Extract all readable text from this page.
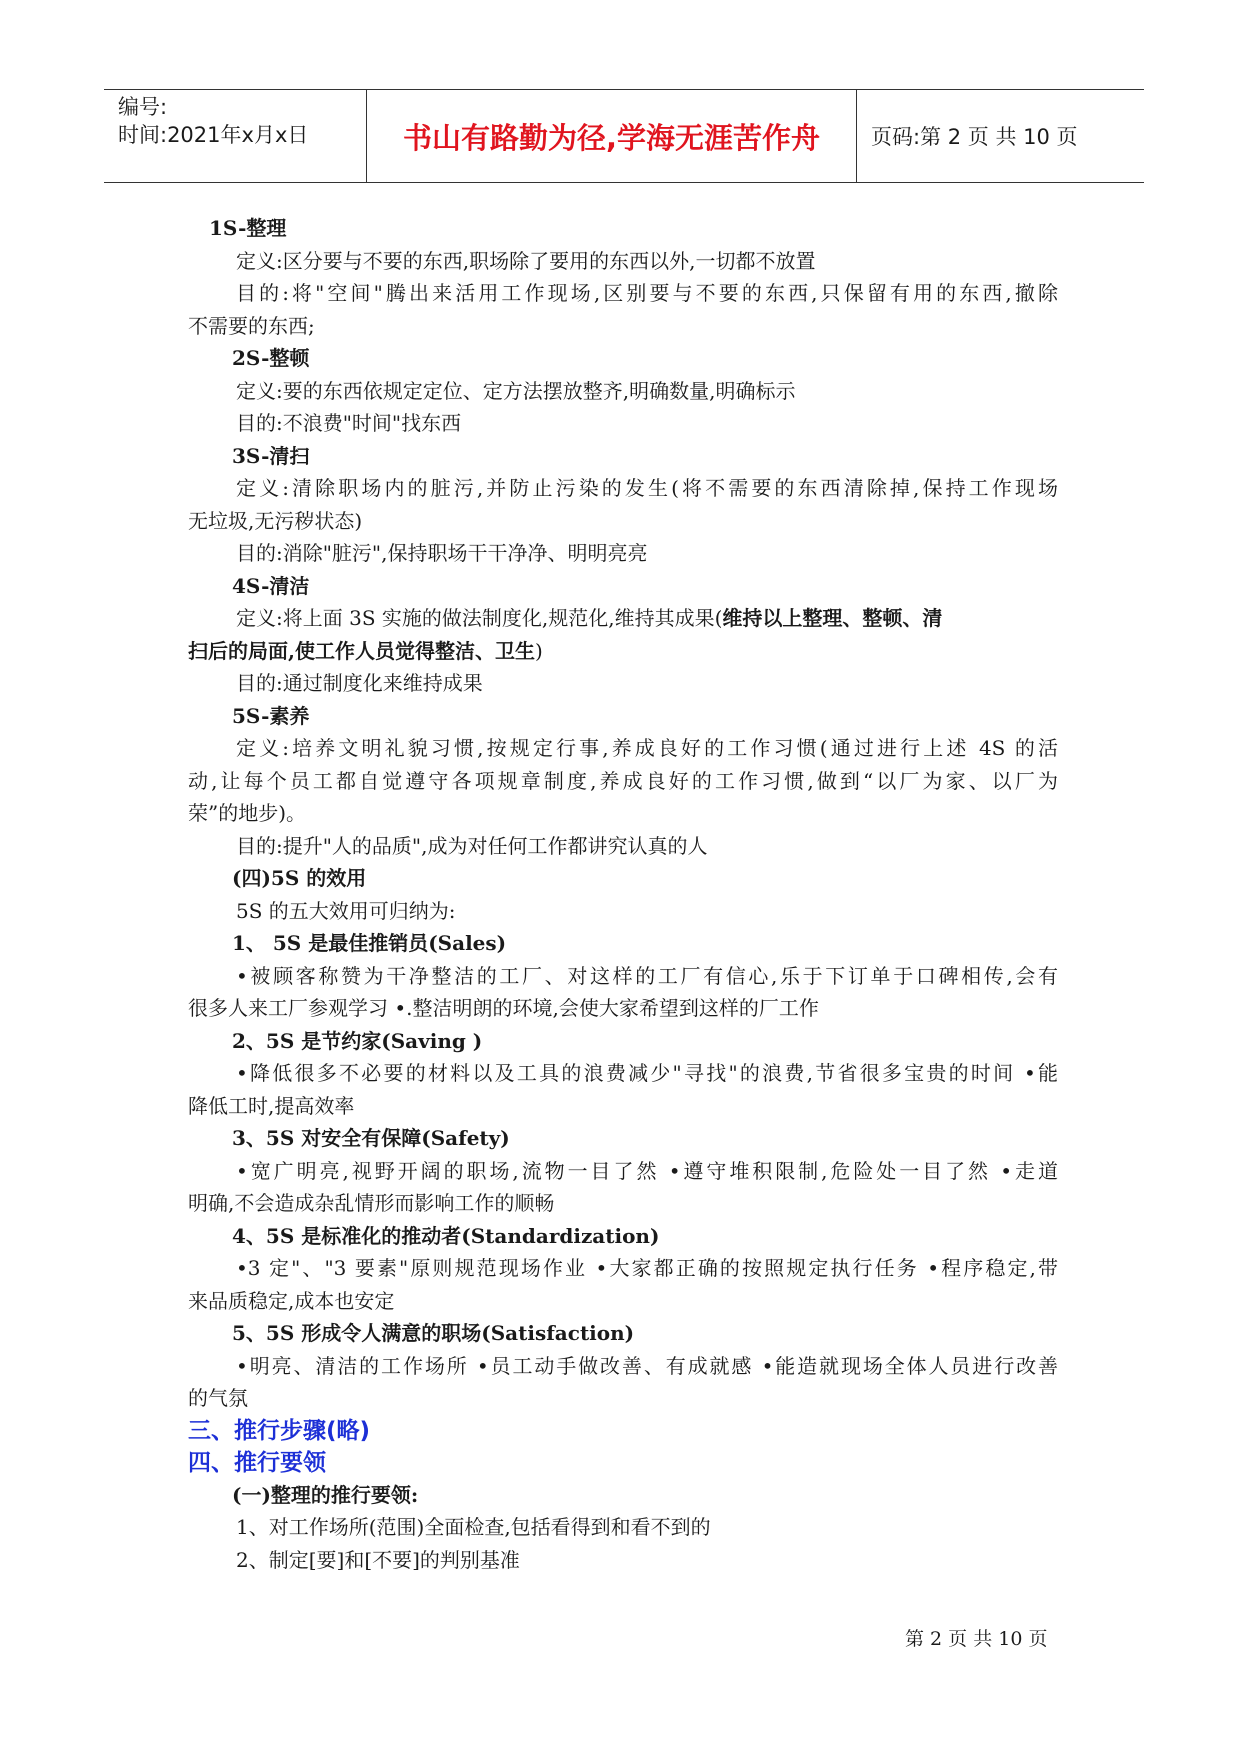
编号:
时间:2021年x月x日	书山有路勤为径,学海无涯苦作舟 页码:第 2 页 共 10 页
1S-整理
定义:区分要与不要的东西,职场除了要用的东西以外,一切都不放置
目的:将"空间"腾出来活用工作现场,区别要与不要的东西,只保留有用的东西,撤除
不需要的东西;
2S-整顿
定义:要的东西依规定定位、定方法摆放整齐,明确数量,明确标示
目的:不浪费"时间"找东西
3S-清扫
定义:清除职场内的脏污,并防止污染的发生(将不需要的东西清除掉,保持工作现场
无垃圾,无污秽状态)
目的:消除"脏污",保持职场干干净净、明明亮亮
4S-清洁
定义:将上面 3S 实施的做法制度化,规范化,维持其成果(维持以上整理、整顿、清
扫后的局面,使工作人员觉得整洁、卫生)
目的:通过制度化来维持成果
5S-素养
定义:培养文明礼貌习惯,按规定行事,养成良好的工作习惯(通过进行上述 4S 的活
动,让每个员工都自觉遵守各项规章制度,养成良好的工作习惯,做到“以厂为家、以厂为
荣”的地步)。
目的:提升"人的品质",成为对任何工作都讲究认真的人
(四)5S 的效用
5S 的五大效用可归纳为:
1、 5S 是最佳推销员(Sales)
•被顾客称赞为干净整洁的工厂、对这样的工厂有信心,乐于下订单于口碑相传,会有
很多人来工厂参观学习 •.整洁明朗的环境,会使大家希望到这样的厂工作
2、5S 是节约家(Saving )
•降低很多不必要的材料以及工具的浪费减少"寻找"的浪费,节省很多宝贵的时间 •能
降低工时,提高效率
3、5S 对安全有保障(Safety)
•宽广明亮,视野开阔的职场,流物一目了然 •遵守堆积限制,危险处一目了然 •走道
明确,不会造成杂乱情形而影响工作的顺畅
4、5S 是标准化的推动者(Standardization)
•3 定"、"3 要素"原则规范现场作业 •大家都正确的按照规定执行任务 •程序稳定,带
来品质稳定,成本也安定
5、5S 形成令人满意的职场(Satisfaction)
•明亮、清洁的工作场所 •员工动手做改善、有成就感 •能造就现场全体人员进行改善
的气氛
三、推行步骤(略)
四、推行要领
(一)整理的推行要领:
1、对工作场所(范围)全面检查,包括看得到和看不到的
2、制定[要]和[不要]的判别基准
第 2 页 共 10 页
